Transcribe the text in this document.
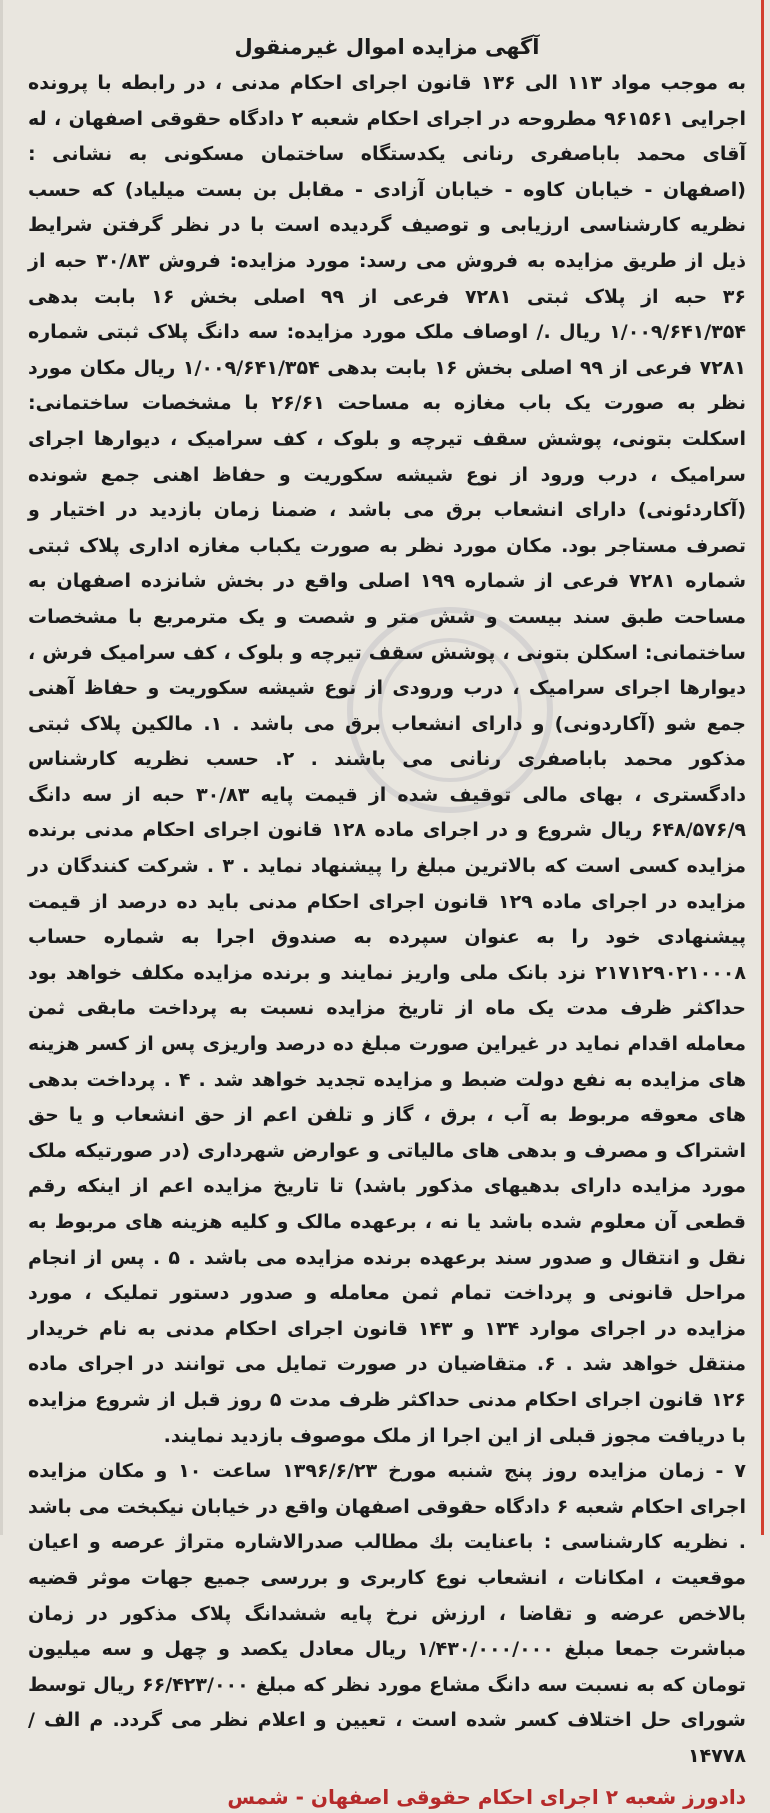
آگهی مزایده اموال غیرمنقول

به موجب مواد ۱۱۳ الی ۱۳۶ قانون اجرای احکام مدنی ، در رابطه با پرونده اجرایی ۹۶۱۵۶۱ مطروحه در اجرای احکام شعبه ۲ دادگاه حقوقی اصفهان ، له آقای محمد باباصفری رنانی یکدستگاه ساختمان مسکونی به نشانی : (اصفهان - خیابان کاوه - خیابان آزادی - مقابل بن بست میلیاد) که حسب نظریه کارشناسی ارزیابی و توصیف گردیده است با در نظر گرفتن شرایط ذیل از طریق مزایده به فروش می رسد: مورد مزایده: فروش ۳۰/۸۳ حبه از ۳۶ حبه از پلاک ثبتی ۷۲۸۱ فرعی از ۹۹ اصلی بخش ۱۶ بابت بدهی ۱/۰۰۹/۶۴۱/۳۵۴ ریال ./ اوصاف ملک مورد مزایده: سه دانگ پلاک ثبتی شماره ۷۲۸۱ فرعی از ۹۹ اصلی بخش ۱۶ بابت بدهی ۱/۰۰۹/۶۴۱/۳۵۴ ریال مکان مورد نظر به صورت یک باب مغازه به مساحت ۲۶/۶۱ با مشخصات ساختمانی: اسکلت بتونی، پوشش سقف تیرچه و بلوک ، کف سرامیک ، دیوارها اجرای سرامیک ، درب ورود از نوع شیشه سکوریت و حفاظ اهنی جمع شونده (آکاردئونی) دارای انشعاب برق می باشد ، ضمنا زمان بازدید در اختیار و تصرف مستاجر بود. مکان مورد نظر به صورت یکباب مغازه اداری پلاک ثبتی شماره ۷۲۸۱ فرعی از شماره ۱۹۹ اصلی واقع در بخش شانزده اصفهان به مساحت طبق سند بیست و شش متر و شصت و یک مترمربع با مشخصات ساختمانی: اسکلن بتونی ، پوشش سقف تیرچه و بلوک ، کف سرامیک فرش ، دیوارها اجرای سرامیک ، درب ورودی از نوع شیشه سکوریت و حفاظ آهنی جمع شو (آکاردونی) و دارای انشعاب برق می باشد . ۱. مالکین پلاک ثبتی مذکور محمد باباصفری رنانی می باشند . ۲. حسب نظریه کارشناس دادگستری ، بهای مالی توقیف شده از قیمت پایه ۳۰/۸۳ حبه از سه دانگ ۶۴۸/۵۷۶/۹ ریال شروع و در اجرای ماده ۱۲۸ قانون اجرای احکام مدنی برنده مزایده کسی است که بالاترین مبلغ را پیشنهاد نماید . ۳ . شرکت کنندگان در مزایده در اجرای ماده ۱۲۹ قانون اجرای احکام مدنی باید ده درصد از قیمت پیشنهادی خود را به عنوان سپرده به صندوق اجرا به شماره حساب ۲۱۷۱۲۹۰۲۱۰۰۰۸ نزد بانک ملی واریز نمایند و برنده مزایده مکلف خواهد بود حداکثر ظرف مدت یک ماه از تاریخ مزایده نسبت به پرداخت مابقی ثمن معامله اقدام نماید در غیراین صورت مبلغ ده درصد واریزی پس از کسر هزینه های مزایده به نفع دولت ضبط و مزایده تجدید خواهد شد . ۴ . پرداخت بدهی های معوقه مربوط به آب ، برق ، گاز و تلفن اعم از حق انشعاب و یا حق اشتراک و مصرف و بدهی های مالیاتی و عوارض شهرداری (در صورتیکه ملک مورد مزایده دارای بدهیهای مذکور باشد) تا تاریخ مزایده اعم از اینکه رقم قطعی آن معلوم شده باشد یا نه ، برعهده مالک و کلیه هزینه های مربوط به نقل و انتقال و صدور سند برعهده برنده مزایده می باشد . ۵ . پس از انجام مراحل قانونی و پرداخت تمام ثمن معامله و صدور دستور تملیک ، مورد مزایده در اجرای موارد ۱۳۴ و ۱۴۳ قانون اجرای احکام مدنی به نام خریدار منتقل خواهد شد . ۶. متقاضیان در صورت تمایل می توانند در اجرای ماده ۱۲۶ قانون اجرای احکام مدنی حداکثر ظرف مدت ۵ روز قبل از شروع مزایده با دریافت مجوز قبلی از این اجرا از ملک موصوف بازدید نمایند.

۷ - زمان مزایده روز پنج شنبه مورخ ۱۳۹۶/۶/۲۳ ساعت ۱۰ و مکان مزایده اجرای احکام شعبه ۶ دادگاه حقوقی اصفهان واقع در خیابان نیکبخت می باشد . نظریه کارشناسی : باعنایت بك مطالب صدرالاشاره متراژ عرصه و اعیان موقعیت ، امکانات ، انشعاب نوع کاربری و بررسی جمیع جهات موثر قضیه بالاخص عرضه و تقاضا ، ارزش نرخ پایه ششدانگ پلاک مذکور در زمان مباشرت جمعا مبلغ ۱/۴۳۰/۰۰۰/۰۰۰ ریال معادل یکصد و چهل و سه میلیون تومان که به نسبت سه دانگ مشاع مورد نظر که مبلغ ۶۶/۴۲۳/۰۰۰ ریال توسط شورای حل اختلاف کسر شده است ، تعیین و اعلام نظر می گردد. م الف / ۱۴۷۷۸

دادورز شعبه ۲ اجرای احکام حقوقی اصفهان - شمس
